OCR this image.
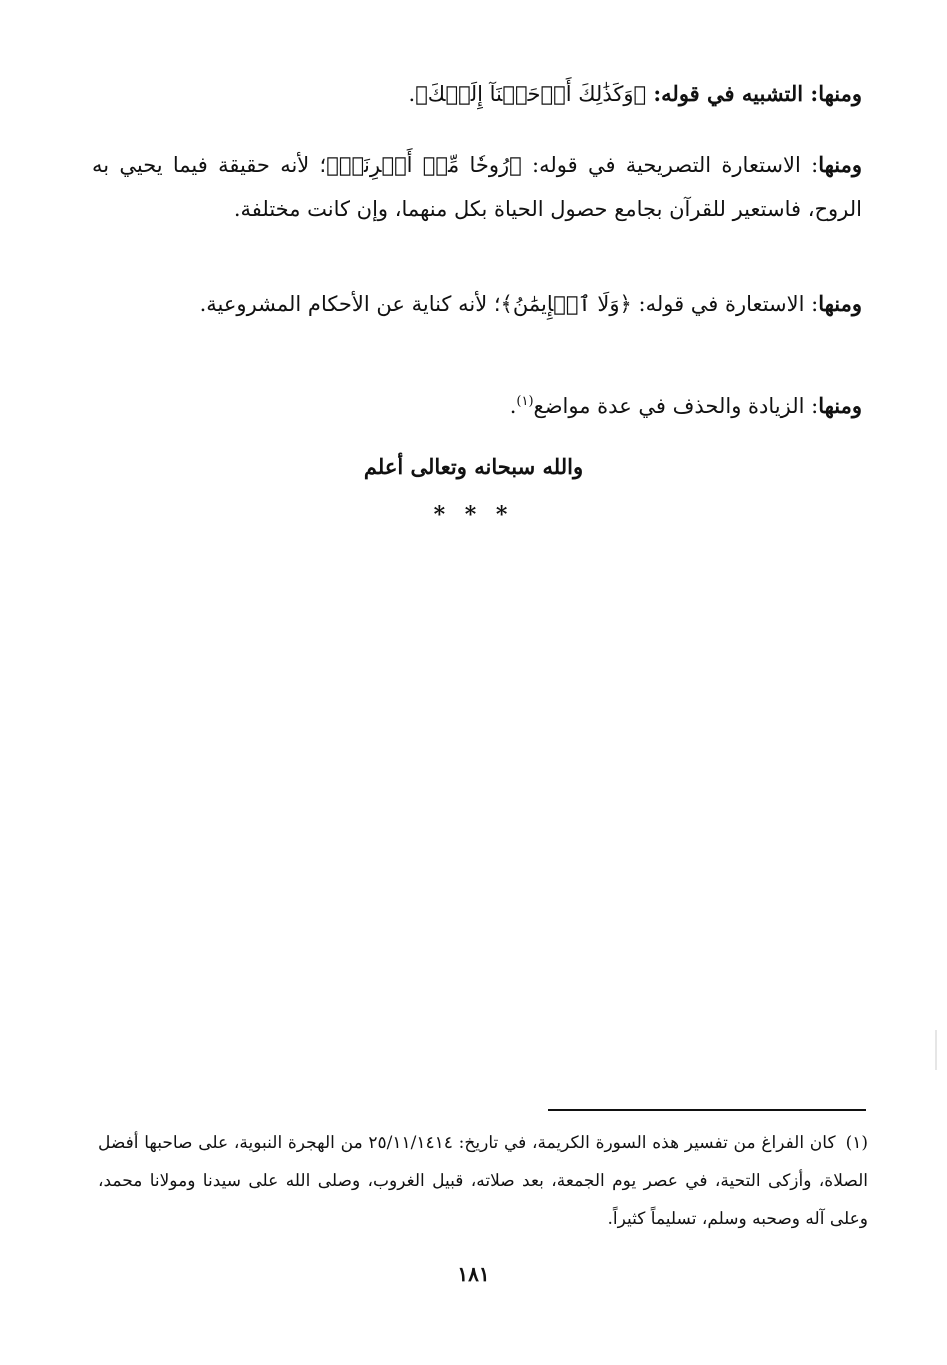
ومنها: التشبيه في قوله: ﴿وَكَذَٰلِكَ أَوۡحَيۡنَآ إِلَيۡكَ﴾.

ومنها: الاستعارة التصريحية في قوله: ﴿رُوحٗا مِّنۡ أَمۡرِنَاۚ﴾؛ لأنه حقيقة فيما يحيي به الروح، فاستعير للقرآن بجامع حصول الحياة بكل منهما، وإن كانت مختلفة.

ومنها: الاستعارة في قوله: ﴿وَلَا ٱلۡإِيمَٰنُ﴾؛ لأنه كناية عن الأحكام المشروعية.

ومنها: الزيادة والحذف في عدة مواضع$^{(١)}$.

والله سبحانه وتعالى أعلم
* * *

(١)كان الفراغ من تفسير هذه السورة الكريمة، في تاريخ: ٢٥/١١/١٤١٤ من الهجرة النبوية، على صاحبها أفضل الصلاة، وأزكى التحية، في عصر يوم الجمعة، بعد صلاته، قبيل الغروب، وصلى الله على سيدنا ومولانا محمد، وعلى آله وصحبه وسلم، تسليماً كثيراً.

١٨١
